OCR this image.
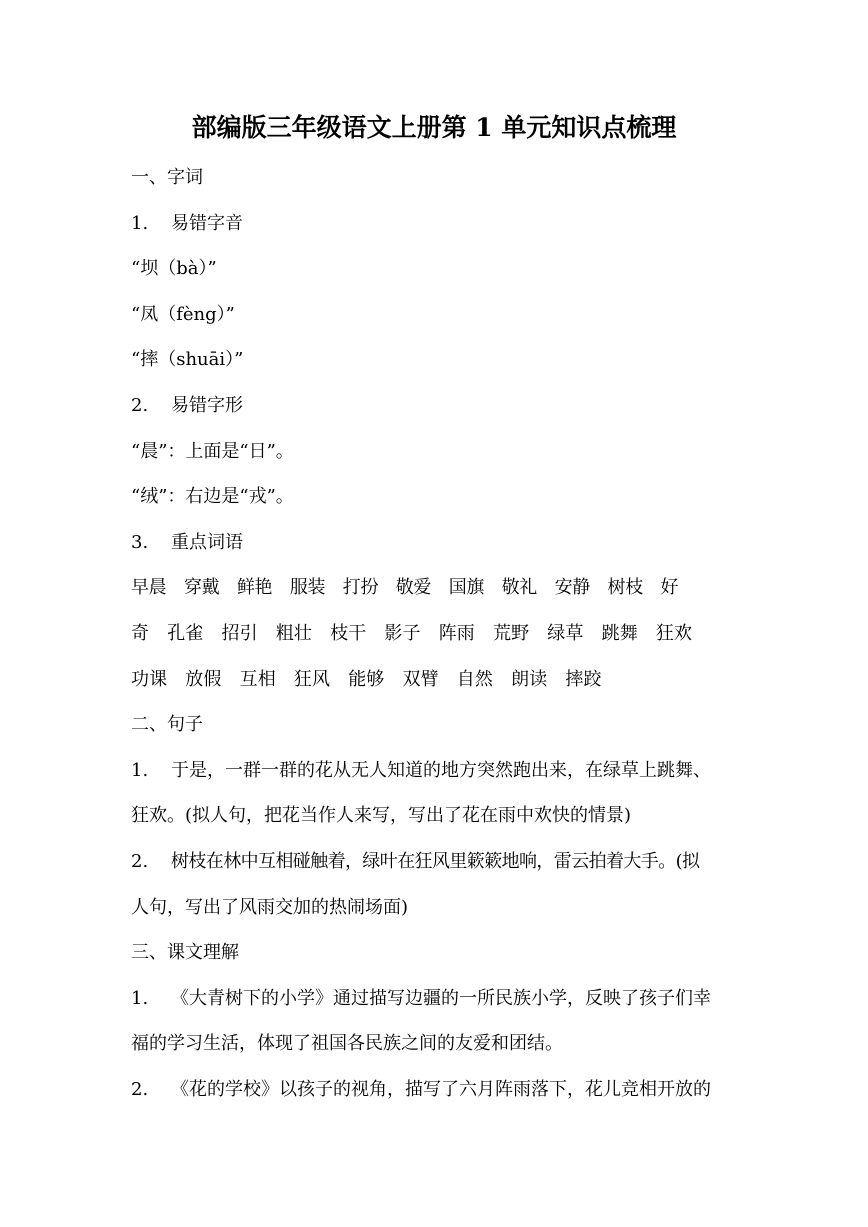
部编版三年级语文上册第 1 单元知识点梳理
一、字词
1. 易错字音
“坝（bà）”
“凤（fèng）”
“摔（shuāi）”
2. 易错字形
“晨”：上面是“日”。
“绒”：右边是“戎”。
3. 重点词语
早晨　穿戴　鲜艳　服装　打扮　敬爱　国旗　敬礼　安静　树枝　好
奇　孔雀　招引　粗壮　枝干　影子　阵雨　荒野　绿草　跳舞　狂欢
功课　放假　互相　狂风　能够　双臂　自然　朗读　摔跤
二、句子
1. 于是，一群一群的花从无人知道的地方突然跑出来，在绿草上跳舞、
狂欢。(拟人句，把花当作人来写，写出了花在雨中欢快的情景)
2. 树枝在林中互相碰触着，绿叶在狂风里簌簌地响，雷云拍着大手。(拟
人句，写出了风雨交加的热闹场面)
三、课文理解
1. 《大青树下的小学》通过描写边疆的一所民族小学，反映了孩子们幸
福的学习生活，体现了祖国各民族之间的友爱和团结。
2. 《花的学校》以孩子的视角，描写了六月阵雨落下，花儿竞相开放的
